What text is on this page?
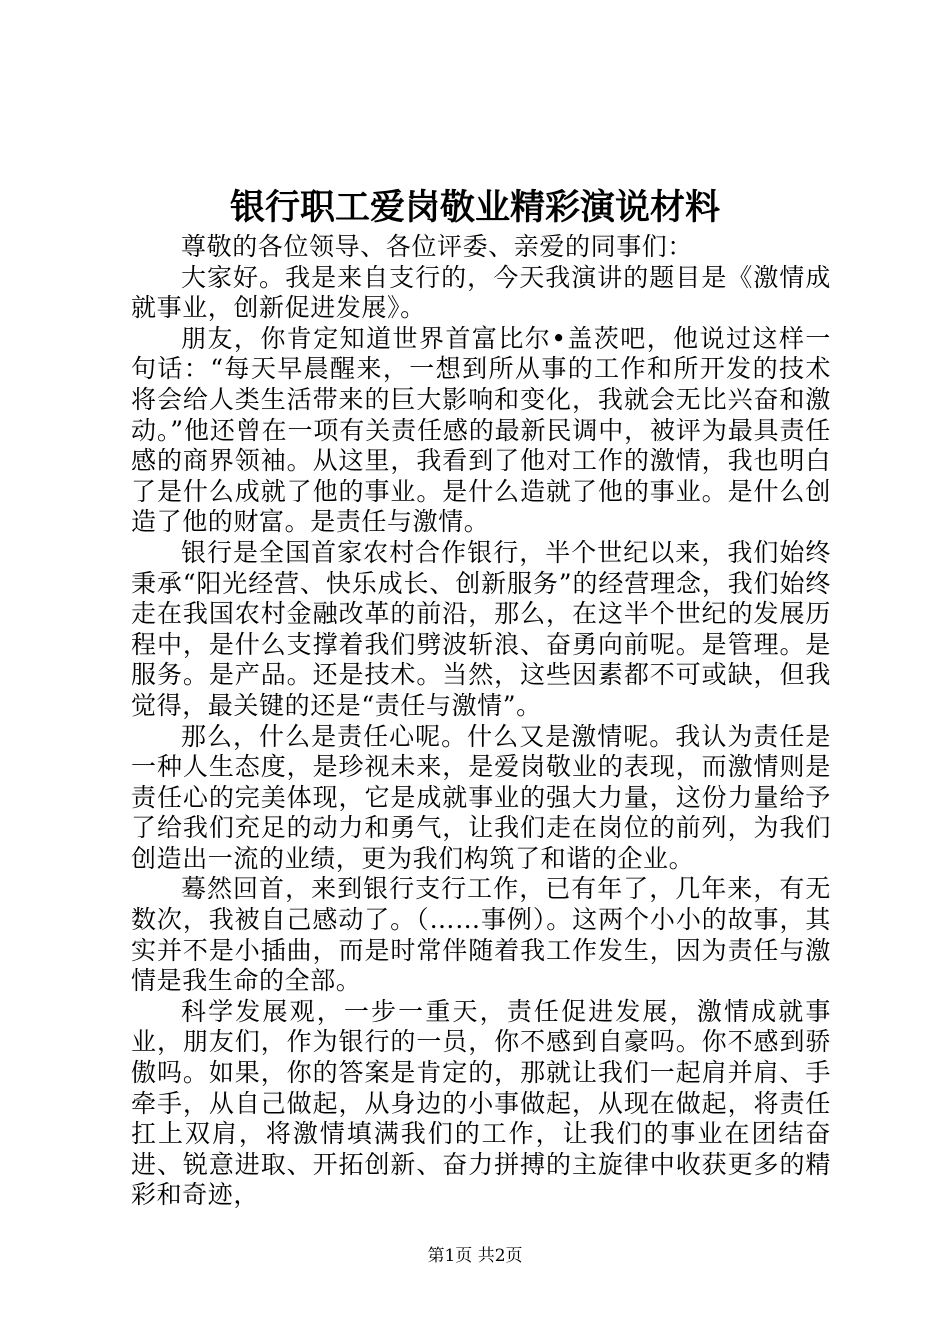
银行职工爱岗敬业精彩演说材料

尊敬的各位领导、各位评委、亲爱的同事们：

大家好。我是来自支行的，今天我演讲的题目是《激情成就事业，创新促进发展》。

朋友，你肯定知道世界首富比尔•盖茨吧，他说过这样一句话：“每天早晨醒来，一想到所从事的工作和所开发的技术将会给人类生活带来的巨大影响和变化，我就会无比兴奋和激动。”他还曾在一项有关责任感的最新民调中，被评为最具责任感的商界领袖。从这里，我看到了他对工作的激情，我也明白了是什么成就了他的事业。是什么造就了他的事业。是什么创造了他的财富。是责任与激情。

银行是全国首家农村合作银行，半个世纪以来，我们始终秉承“阳光经营、快乐成长、创新服务”的经营理念，我们始终走在我国农村金融改革的前沿，那么，在这半个世纪的发展历程中，是什么支撑着我们劈波斩浪、奋勇向前呢。是管理。是服务。是产品。还是技术。当然，这些因素都不可或缺，但我觉得，最关键的还是“责任与激情”。

那么，什么是责任心呢。什么又是激情呢。我认为责任是一种人生态度，是珍视未来，是爱岗敬业的表现，而激情则是责任心的完美体现，它是成就事业的强大力量，这份力量给予了给我们充足的动力和勇气，让我们走在岗位的前列，为我们创造出一流的业绩，更为我们构筑了和谐的企业。

蓦然回首，来到银行支行工作，已有年了，几年来，有无数次，我被自己感动了。（……事例）。这两个小小的故事，其实并不是小插曲，而是时常伴随着我工作发生，因为责任与激情是我生命的全部。

科学发展观，一步一重天，责任促进发展，激情成就事业，朋友们，作为银行的一员，你不感到自豪吗。你不感到骄傲吗。如果，你的答案是肯定的，那就让我们一起肩并肩、手牵手，从自己做起，从身边的小事做起，从现在做起，将责任扛上双肩，将激情填满我们的工作，让我们的事业在团结奋进、锐意进取、开拓创新、奋力拼搏的主旋律中收获更多的精彩和奇迹，

第1页 共2页
